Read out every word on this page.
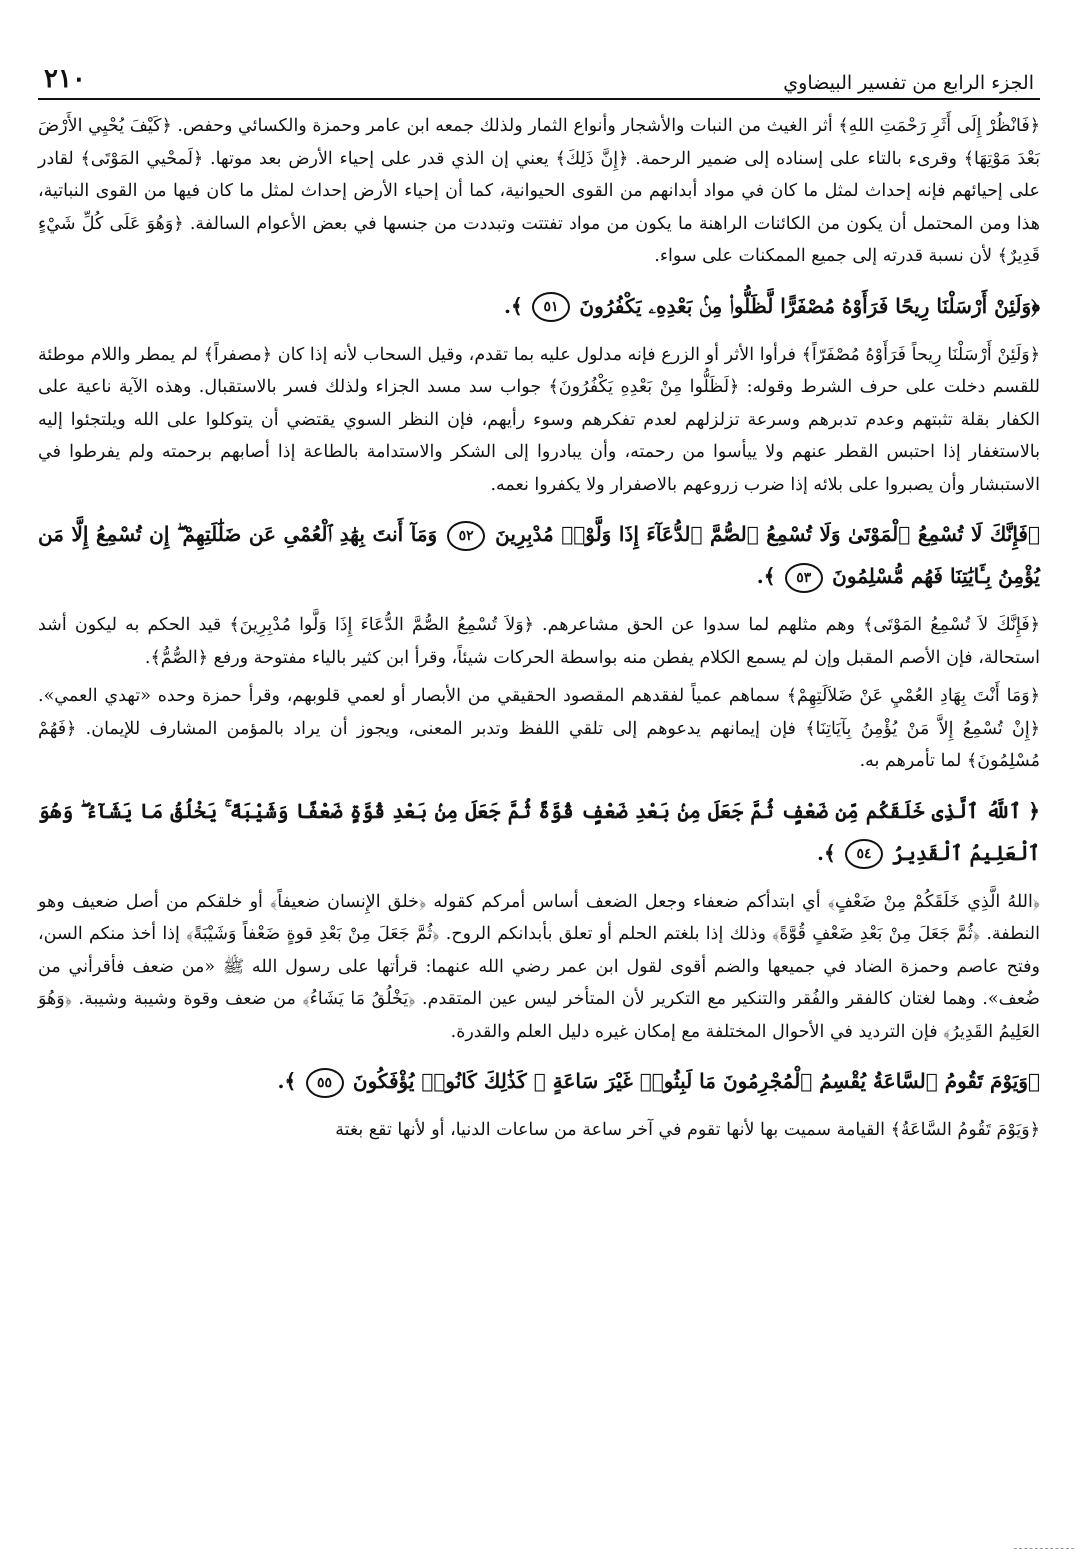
الجزء الرابع من تفسير البيضاوي
٢١٠

﴿فَانْظُرْ إِلَى أَثَرِ رَحْمَتِ اللهِ﴾ أثر الغيث من النبات والأشجار وأنواع الثمار ولذلك جمعه ابن عامر وحمزة والكسائي وحفص. ﴿كَيْفَ يُحْيِي الأَرْضَ بَعْدَ مَوْتِهَا﴾ وقرىء بالتاء على إسناده إلى ضمير الرحمة. ﴿إِنَّ ذَلِكَ﴾ يعني إن الذي قدر على إحياء الأرض بعد موتها. ﴿لَمحْيي المَوْتَى﴾ لقادر على إحيائهم فإنه إحداث لمثل ما كان في مواد أبدانهم من القوى الحيوانية، كما أن إحياء الأرض إحداث لمثل ما كان فيها من القوى النباتية، هذا ومن المحتمل أن يكون من الكائنات الراهنة ما يكون من مواد تفتتت وتبددت من جنسها في بعض الأعوام السالفة. ﴿وَهُوَ عَلَى كُلِّ شَيْءٍ قَدِيرٌ﴾ لأن نسبة قدرته إلى جميع الممكنات على سواء.

﴿وَلَئِنْ أَرْسَلْنَا رِيحًا فَرَأَوْهُ مُصْفَرًّا لَّظَلُّوا۟ مِنۢ بَعْدِهِۦ يَكْفُرُونَ ٥١ ﴾.

﴿وَلَئِنْ أَرْسَلْنَا رِيحاً فَرَأَوْهُ مُصْفَرّاً﴾ فرأوا الأثر أو الزرع فإنه مدلول عليه بما تقدم، وقيل السحاب لأنه إذا كان ﴿مصفراً﴾ لم يمطر واللام موطئة للقسم دخلت على حرف الشرط وقوله: ﴿لَظَلُّوا مِنْ بَعْدِهِ يَكْفُرُونَ﴾ جواب سد مسد الجزاء ولذلك فسر بالاستقبال. وهذه الآية ناعية على الكفار بقلة تثبتهم وعدم تدبرهم وسرعة تزلزلهم لعدم تفكرهم وسوء رأيهم، فإن النظر السوي يقتضي أن يتوكلوا على الله ويلتجئوا إليه بالاستغفار إذا احتبس القطر عنهم ولا ييأسوا من رحمته، وأن يبادروا إلى الشكر والاستدامة بالطاعة إذا أصابهم برحمته ولم يفرطوا في الاستبشار وأن يصبروا على بلائه إذا ضرب زروعهم بالاصفرار ولا يكفروا نعمه.

﴿فَإِنَّكَ لَا تُسْمِعُ ٱلْمَوْتَىٰ وَلَا تُسْمِعُ ٱلصُّمَّ ٱلدُّعَآءَ إِذَا وَلَّوْا۟ مُدْبِرِينَ ٥٢ وَمَآ أَنتَ بِهَٰدِ ٱلْعُمْىِ عَن ضَلَٰلَتِهِمْ ۖ إِن تُسْمِعُ إِلَّا مَن يُؤْمِنُ بِـَٔايَٰتِنَا فَهُم مُّسْلِمُونَ ٥٣ ﴾.

﴿فَإِنَّكَ لاَ تُسْمِعُ المَوْتَى﴾ وهم مثلهم لما سدوا عن الحق مشاعرهم. ﴿وَلاَ تُسْمِعُ الصُّمَّ الدُّعَاءَ إِذَا وَلَّوا مُدْبِرِينَ﴾ قيد الحكم به ليكون أشد استحالة، فإن الأصم المقبل وإن لم يسمع الكلام يفطن منه بواسطة الحركات شيئاً، وقرأ ابن كثير بالياء مفتوحة ورفع ﴿الصُّمُّ﴾.

﴿وَمَا أَنْتَ بِهَادِ العُمْيِ عَنْ ضَلاَلَتِهِمْ﴾ سماهم عمياً لفقدهم المقصود الحقيقي من الأبصار أو لعمي قلوبهم، وقرأ حمزة وحده «تهدي العمي». ﴿إِنْ تُسْمِعُ إِلاَّ مَنْ يُؤْمِنُ بِآيَاتِنَا﴾ فإن إيمانهم يدعوهم إلى تلقي اللفظ وتدبر المعنى، ويجوز أن يراد بالمؤمن المشارف للإيمان. ﴿فَهُمْ مُسْلِمُونَ﴾ لما تأمرهم به.

﴿ ٱللَّهُ ٱلَّذِى خَلَقَكُم مِّن ضَعْفٍ ثُمَّ جَعَلَ مِنۢ بَعْدِ ضَعْفٍ قُوَّةً ثُمَّ جَعَلَ مِنۢ بَعْدِ قُوَّةٍ ضَعْفًا وَشَيْبَةً ۚ يَخْلُقُ مَا يَشَآءُ ۖ وَهُوَ ٱلْعَلِيمُ ٱلْقَدِيرُ ٥٤ ﴾.

﴿اللهُ الَّذِي خَلَقَكُمْ مِنْ ضَعْفٍ﴾ أي ابتدأكم ضعفاء وجعل الضعف أساس أمركم كقوله ﴿خلق الإِنسان ضعيفاً﴾ أو خلقكم من أصل ضعيف وهو النطفة. ﴿ثُمَّ جَعَلَ مِنْ بَعْدِ ضَعْفٍ قُوَّةً﴾ وذلك إذا بلغتم الحلم أو تعلق بأبدانكم الروح. ﴿ثُمَّ جَعَلَ مِنْ بَعْدِ قوةٍ ضَعْفاً وَشَيْبَةً﴾ إذا أخذ منكم السن، وفتح عاصم وحمزة الضاد في جميعها والضم أقوى لقول ابن عمر رضي الله عنهما: قرأتها على رسول الله ﷺ «من ضعف فأقرأني من ضُعف». وهما لغتان كالفقر والفُقر والتنكير مع التكرير لأن المتأخر ليس عين المتقدم. ﴿يَخْلُقُ مَا يَشَاءُ﴾ من ضعف وقوة وشيبة وشيبة. ﴿وَهُوَ العَلِيمُ القَدِيرُ﴾ فإن الترديد في الأحوال المختلفة مع إمكان غيره دليل العلم والقدرة.

﴿وَيَوْمَ تَقُومُ ٱلسَّاعَةُ يُقْسِمُ ٱلْمُجْرِمُونَ مَا لَبِثُوا۟ غَيْرَ سَاعَةٍ ۚ كَذَٰلِكَ كَانُوا۟ يُؤْفَكُونَ ٥٥ ﴾.

﴿وَيَوْمَ تَقُومُ السَّاعَةُ﴾ القيامة سميت بها لأنها تقوم في آخر ساعة من ساعات الدنيا، أو لأنها تقع بغتة
